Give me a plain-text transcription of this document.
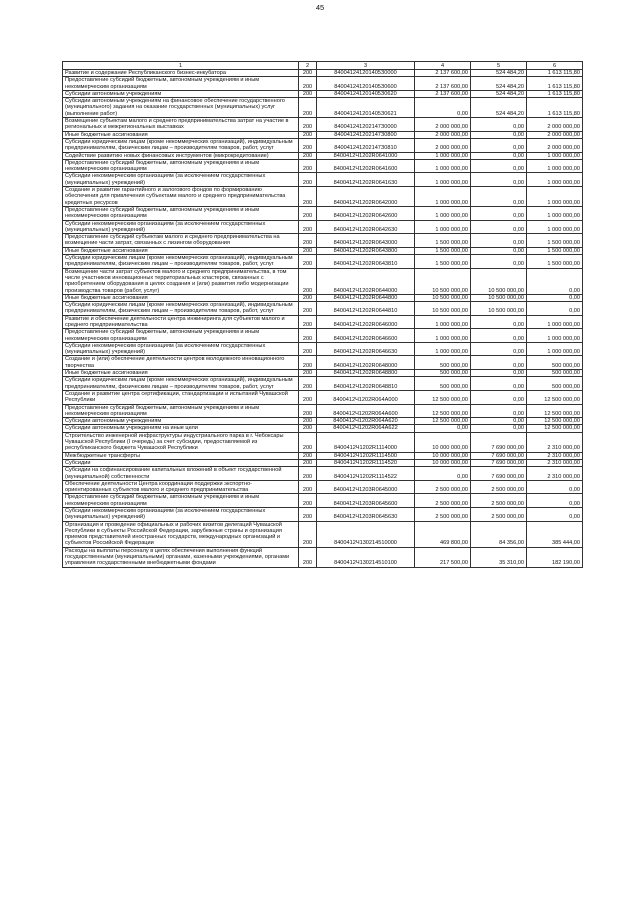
45
1	2	3	4	5	6
Развитие и содержание Республиканского бизнес-инкубатора	200	840041241201405З0000	2 137 600,00	524 484,20	1 613 115,80
Предоставление субсидий бюджетным, автономным учреждениям и иным некоммерческим организациям	200	840041241201405З0600	2 137 600,00	524 484,20	1 613 115,80
Субсидии автономным учреждениям	200	840041241201405З0620	2 137 600,00	524 484,20	1 613 115,80
Субсидии автономным учреждениям на финансовое обеспечение государственного (муниципального) задания на оказание государственных (муниципальных) услуг (выполнение работ)	200	840041241201405З0621	0,00	524 484,20	1 613 115,80
Возмещение субъектам малого и среднего предпринимательства затрат на участие в региональных и межрегиональных выставках	200	840041241202147З0000	2 000 000,00	0,00	2 000 000,00
Иные бюджетные ассигнования	200	840041241202147З0800	2 000 000,00	0,00	2 000 000,00
Субсидии юридическим лицам (кроме некоммерческих организаций), индивидуальным предпринимателям, физическим лицам – производителям товаров, работ, услуг	200	840041241202147З0810	2 000 000,00	0,00	2 000 000,00
Содействие развитию новых финансовых инструментов (микрокредитование)	200	8400412Ч1202R0641000	1 000 000,00	0,00	1 000 000,00
Предоставление субсидий бюджетным, автономным учреждениям и иным некоммерческим организациям	200	8400412Ч1202R0641600	1 000 000,00	0,00	1 000 000,00
Субсидии некоммерческим организациям (за исключением государственных (муниципальных) учреждений)	200	8400412Ч1202R0641630	1 000 000,00	0,00	1 000 000,00
Создание и развитие гарантийного и залогового фондов по формированию обеспечения для привлечения субъектами малого и среднего предпринимательства кредитных ресурсов	200	8400412Ч1202R0642000	1 000 000,00	0,00	1 000 000,00
Предоставление субсидий бюджетным, автономным учреждениям и иным некоммерческим организациям	200	8400412Ч1202R0642600	1 000 000,00	0,00	1 000 000,00
Субсидии некоммерческим организациям (за исключением государственных (муниципальных) учреждений)	200	8400412Ч1202R0642630	1 000 000,00	0,00	1 000 000,00
Предоставление субсидий субъектам малого и среднего предпринимательства на возмещение части затрат, связанных с лизингом оборудования	200	8400412Ч1202R0643000	1 500 000,00	0,00	1 500 000,00
Иные бюджетные ассигнования	200	8400412Ч1202R0643800	1 500 000,00	0,00	1 500 000,00
Субсидии юридическим лицам (кроме некоммерческих организаций), индивидуальным предпринимателям, физическим лицам – производителям товаров, работ, услуг	200	8400412Ч1202R0643810	1 500 000,00	0,00	1 500 000,00
Возмещение части затрат субъектов малого и среднего предпринимательства, в том числе участников инновационных территориальных кластеров, связанных с приобретением оборудования в целях создания и (или) развития либо модернизации производства товаров (работ, услуг)	200	8400412Ч1202R0644000	10 500 000,00	10 500 000,00	0,00
Иные бюджетные ассигнования	200	8400412Ч1202R0644800	10 500 000,00	10 500 000,00	0,00
Субсидии юридическим лицам (кроме некоммерческих организаций), индивидуальным предпринимателям, физическим лицам – производителям товаров, работ, услуг	200	8400412Ч1202R0644810	10 500 000,00	10 500 000,00	0,00
Развитие и обеспечение деятельности центра инжиниринга для субъектов малого и среднего предпринимательства	200	8400412Ч1202R0646000	1 000 000,00	0,00	1 000 000,00
Предоставление субсидий бюджетным, автономным учреждениям и иным некоммерческим организациям	200	8400412Ч1202R0646600	1 000 000,00	0,00	1 000 000,00
Субсидии некоммерческим организациям (за исключением государственных (муниципальных) учреждений)	200	8400412Ч1202R0646630	1 000 000,00	0,00	1 000 000,00
Создание и (или) обеспечение деятельности центров молодежного инновационного творчества	200	8400412Ч1202R0648000	500 000,00	0,00	500 000,00
Иные бюджетные ассигнования	200	8400412Ч1202R0648800	500 000,00	0,00	500 000,00
Субсидии юридическим лицам (кроме некоммерческих организаций), индивидуальным предпринимателям, физическим лицам – производителям товаров, работ, услуг	200	8400412Ч1202R0648810	500 000,00	0,00	500 000,00
Создание и развитие центра сертификации, стандартизации и испытаний Чувашской Республики	200	8400412Ч1202R064А000	12 500 000,00	0,00	12 500 000,00
Предоставление субсидий бюджетным, автономным учреждениям и иным некоммерческим организациям	200	8400412Ч1202R064А600	12 500 000,00	0,00	12 500 000,00
Субсидии автономным учреждениям	200	8400412Ч1202R064А620	12 500 000,00	0,00	12 500 000,00
Субсидии автономным учреждениям на иные цели	200	8400412Ч1202R064А622	0,00	0,00	12 500 000,00
Строительство инженерной инфраструктуры индустриального парка в г. Чебоксары Чувашской Республики (I очередь) за счет субсидии, предоставляемой из республиканского бюджета Чувашской Республики	200	8400412Ч1202R1114000	10 000 000,00	7 690 000,00	2 310 000,00
Межбюджетные трансферты	200	8400412Ч1202R1114500	10 000 000,00	7 690 000,00	2 310 000,00
Субсидии	200	8400412Ч1202R1114520	10 000 000,00	7 690 000,00	2 310 000,00
Субсидии на софинансирование капитальных вложений в объект государственной (муниципальной) собственности	200	8400412Ч1202R1114522	0,00	7 690 000,00	2 310 000,00
Обеспечение деятельности Центра координации поддержки экспортно-ориентированных субъектов малого и среднего предпринимательства	200	8400412Ч1203R0645000	2 500 000,00	2 500 000,00	0,00
Предоставление субсидий бюджетным, автономным учреждениям и иным некоммерческим организациям	200	8400412Ч1203R0645600	2 500 000,00	2 500 000,00	0,00
Субсидии некоммерческим организациям (за исключением государственных (муниципальных) учреждений)	200	8400412Ч1203R0645630	2 500 000,00	2 500 000,00	0,00
Организация и проведение официальных и рабочих визитов делегаций Чувашской Республики в субъекты Российской Федерации, зарубежные страны и организация приемов представителей иностранных государств, международных организаций и субъектов Российской Федерации	200	8400412Ч130214510000	469 800,00	84 356,00	385 444,00
Расходы на выплаты персоналу в целях обеспечения выполнения функций государственными (муниципальными) органами, казенными учреждениями, органами управления государственными внебюджетными фондами	200	8400412Ч130214510100	217 500,00	35 310,00	182 190,00
